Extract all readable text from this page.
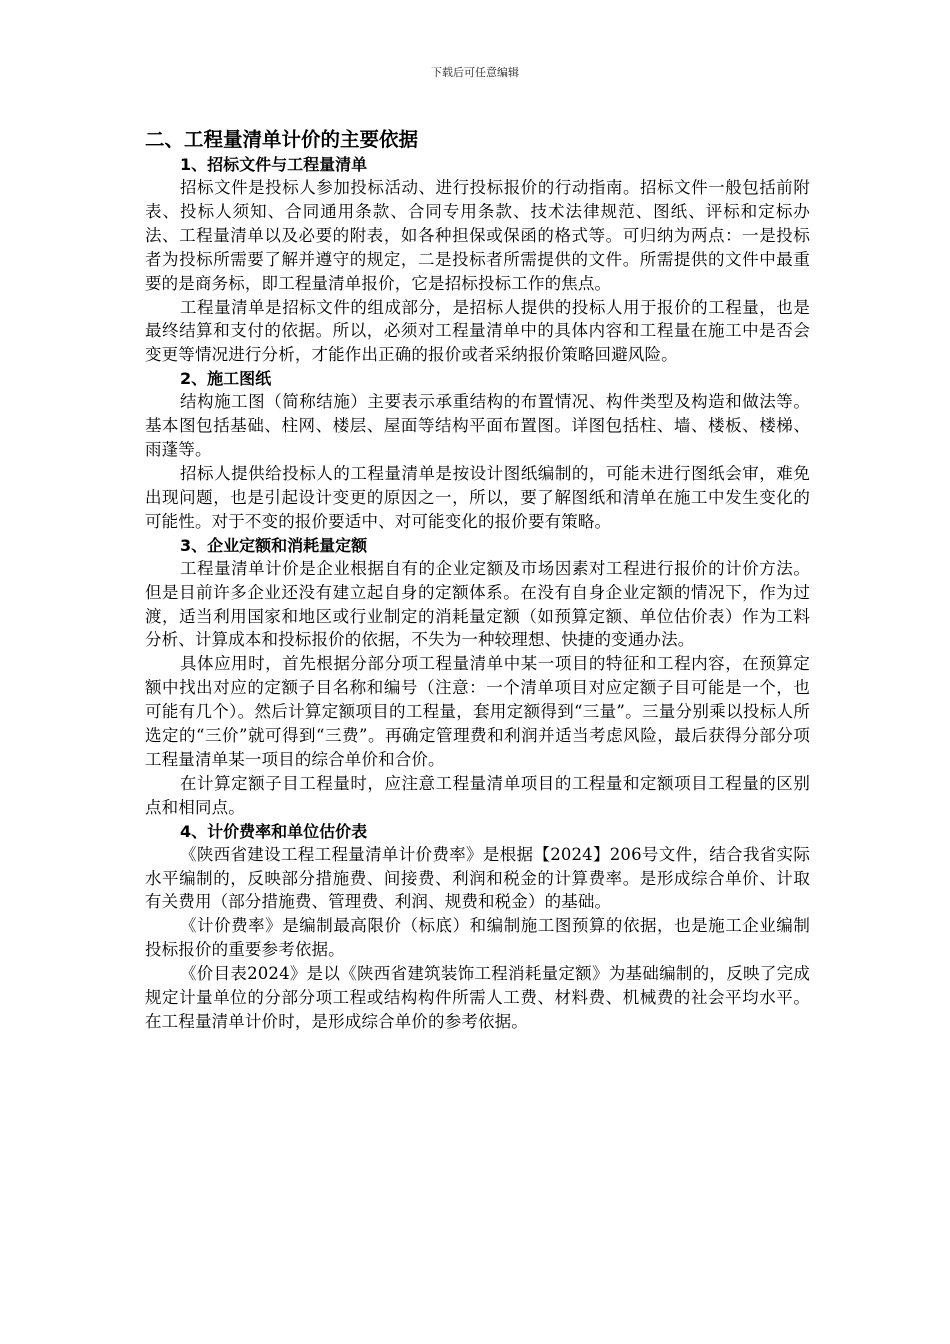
下载后可任意编辑
二、工程量清单计价的主要依据
1、招标文件与工程量清单

招标文件是投标人参加投标活动、进行投标报价的行动指南。招标文件一般包括前附表、投标人须知、合同通用条款、合同专用条款、技术法律规范、图纸、评标和定标办法、工程量清单以及必要的附表，如各种担保或保函的格式等。可归纳为两点：一是投标者为投标所需要了解并遵守的规定，二是投标者所需提供的文件。所需提供的文件中最重要的是商务标，即工程量清单报价，它是招标投标工作的焦点。

工程量清单是招标文件的组成部分，是招标人提供的投标人用于报价的工程量，也是最终结算和支付的依据。所以，必须对工程量清单中的具体内容和工程量在施工中是否会变更等情况进行分析，才能作出正确的报价或者采纳报价策略回避风险。

2、施工图纸

结构施工图（简称结施）主要表示承重结构的布置情况、构件类型及构造和做法等。基本图包括基础、柱网、楼层、屋面等结构平面布置图。详图包括柱、墙、楼板、楼梯、雨蓬等。

招标人提供给投标人的工程量清单是按设计图纸编制的，可能未进行图纸会审，难免出现问题，也是引起设计变更的原因之一，所以，要了解图纸和清单在施工中发生变化的可能性。对于不变的报价要适中、对可能变化的报价要有策略。

3、企业定额和消耗量定额

工程量清单计价是企业根据自有的企业定额及市场因素对工程进行报价的计价方法。但是目前许多企业还没有建立起自身的定额体系。在没有自身企业定额的情况下，作为过渡，适当利用国家和地区或行业制定的消耗量定额（如预算定额、单位估价表）作为工料分析、计算成本和投标报价的依据，不失为一种较理想、快捷的变通办法。

具体应用时，首先根据分部分项工程量清单中某一项目的特征和工程内容，在预算定额中找出对应的定额子目名称和编号（注意：一个清单项目对应定额子目可能是一个，也可能有几个）。然后计算定额项目的工程量，套用定额得到“三量”。三量分别乘以投标人所选定的“三价”就可得到“三费”。再确定管理费和利润并适当考虑风险，最后获得分部分项工程量清单某一项目的综合单价和合价。

在计算定额子目工程量时，应注意工程量清单项目的工程量和定额项目工程量的区别点和相同点。

4、计价费率和单位估价表

《陕西省建设工程工程量清单计价费率》是根据【2024】206号文件，结合我省实际水平编制的，反映部分措施费、间接费、利润和税金的计算费率。是形成综合单价、计取有关费用（部分措施费、管理费、利润、规费和税金）的基础。

《计价费率》是编制最高限价（标底）和编制施工图预算的依据，也是施工企业编制投标报价的重要参考依据。

《价目表2024》是以《陕西省建筑装饰工程消耗量定额》为基础编制的，反映了完成规定计量单位的分部分项工程或结构构件所需人工费、材料费、机械费的社会平均水平。在工程量清单计价时，是形成综合单价的参考依据。
